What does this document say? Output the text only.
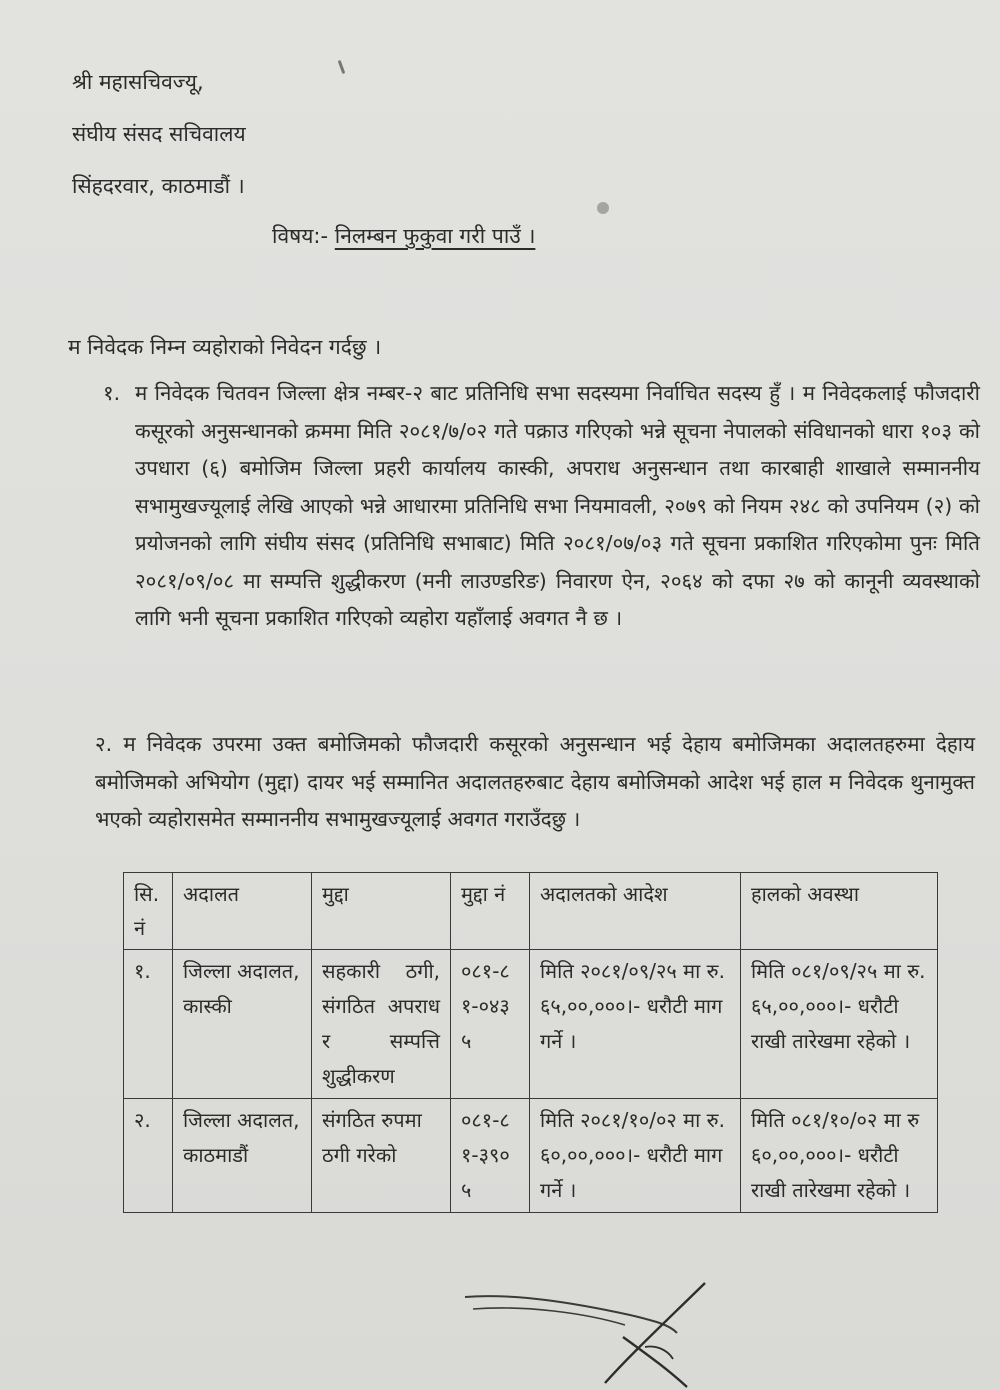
श्री महासचिवज्यू,
संघीय संसद सचिवालय
सिंहदरवार, काठमाडौं ।
विषय:- निलम्बन फुकुवा गरी पाउँ ।
म निवेदक निम्न व्यहोराको निवेदन गर्दछु ।
१. म निवेदक चितवन जिल्ला क्षेत्र नम्बर-२ बाट प्रतिनिधि सभा सदस्यमा निर्वाचित सदस्य हुँ । म निवेदकलाई फौजदारी कसूरको अनुसन्धानको क्रममा मिति २०८१/७/०२ गते पक्राउ गरिएको भन्ने सूचना नेपालको संविधानको धारा १०३ को उपधारा (६) बमोजिम जिल्ला प्रहरी कार्यालय कास्की, अपराध अनुसन्धान तथा कारबाही शाखाले सम्माननीय सभामुखज्यूलाई लेखि आएको भन्ने आधारमा प्रतिनिधि सभा नियमावली, २०७९ को नियम २४८ को उपनियम (२) को प्रयोजनको लागि संघीय संसद (प्रतिनिधि सभाबाट) मिति २०८१/०७/०३ गते सूचना प्रकाशित गरिएकोमा पुनः मिति २०८१/०९/०८ मा सम्पत्ति शुद्धीकरण (मनी लाउण्डरिङ) निवारण ऐन, २०६४ को दफा २७ को कानूनी व्यवस्थाको लागि भनी सूचना प्रकाशित गरिएको व्यहोरा यहाँलाई अवगत नै छ ।
२. म निवेदक उपरमा उक्त बमोजिमको फौजदारी कसूरको अनुसन्धान भई देहाय बमोजिमका अदालतहरुमा देहाय बमोजिमको अभियोग (मुद्दा) दायर भई सम्मानित अदालतहरुबाट देहाय बमोजिमको आदेश भई हाल म निवेदक थुनामुक्त भएको व्यहोरासमेत सम्माननीय सभामुखज्यूलाई अवगत गराउँदछु ।
सि. नं	अदालत	मुद्दा	मुद्दा नं	अदालतको आदेश	हालको अवस्था
१.	जिल्ला अदालत, कास्की	सहकारी ठगी, संगठित अपराध र सम्पत्ति शुद्धीकरण	०८१-८१-०४३५	मिति २०८१/०९/२५ मा रु. ६५,००,०००।- धरौटी माग गर्ने ।	मिति ०८१/०९/२५ मा रु. ६५,००,०००।- धरौटी राखी तारेखमा रहेको ।
२.	जिल्ला अदालत, काठमाडौं	संगठित रुपमा ठगी गरेको	०८१-८१-३९०५	मिति २०८१/१०/०२ मा रु. ६०,००,०००।- धरौटी माग गर्ने ।	मिति ०८१/१०/०२ मा रु ६०,००,०००।- धरौटी राखी तारेखमा रहेको ।
